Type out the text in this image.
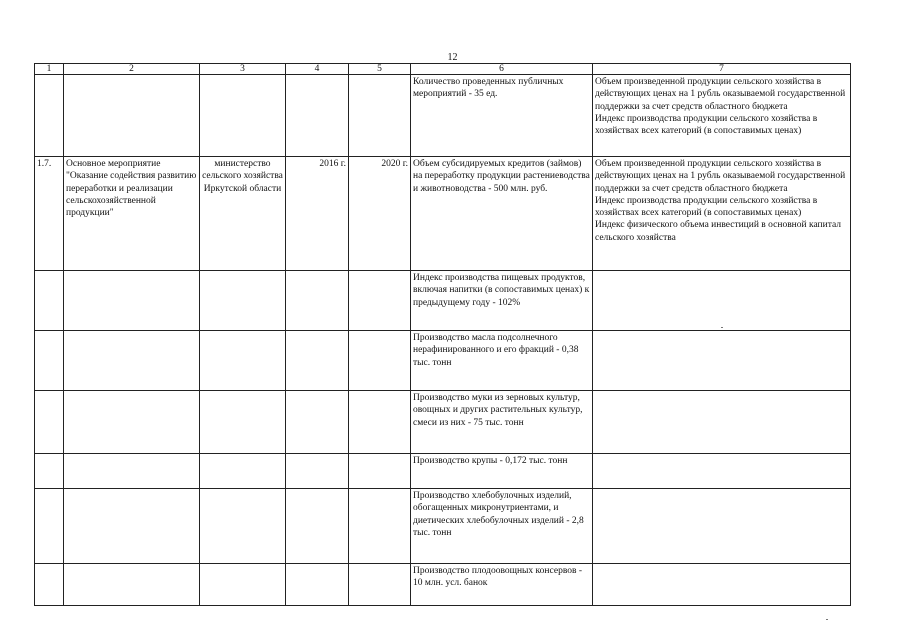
12
1	2	3	4	5	6	7
					Количество проведенных публичных мероприятий - 35 ед.	Объем произведенной продукции сельского хозяйства в действующих ценах на 1 рубль оказываемой государственной поддержки за счет средств областного бюджета
Индекс производства продукции сельского хозяйства в хозяйствах всех категорий (в сопоставимых ценах)
1.7.	Основное мероприятие "Оказание содействия развитию переработки и реализации сельскохозяйственной продукции"	министерство сельского хозяйства Иркутской области	2016 г.	2020 г.	Объем субсидируемых кредитов (займов) на переработку продукции растениеводства и животноводства - 500 млн. руб.	Объем произведенной продукции сельского хозяйства в действующих ценах на 1 рубль оказываемой государственной поддержки за счет средств областного бюджета
Индекс производства продукции сельского хозяйства в хозяйствах всех категорий (в сопоставимых ценах)
Индекс физического объема инвестиций в основной капитал сельского хозяйства
					Индекс производства пищевых продуктов, включая напитки (в сопоставимых ценах) к предыдущему году - 102%	
					Производство масла подсолнечного нерафинированного и его фракций - 0,38 тыс. тонн	
					Производство муки из зерновых культур, овощных и других растительных культур, смеси из них - 75 тыс. тонн	
					Производство крупы - 0,172 тыс. тонн	
					Производство хлебобулочных изделий, обогащенных микронутриентами, и диетических хлебобулочных изделий - 2,8 тыс. тонн	
					Производство плодоовощных консервов - 10 млн. усл. банок	
